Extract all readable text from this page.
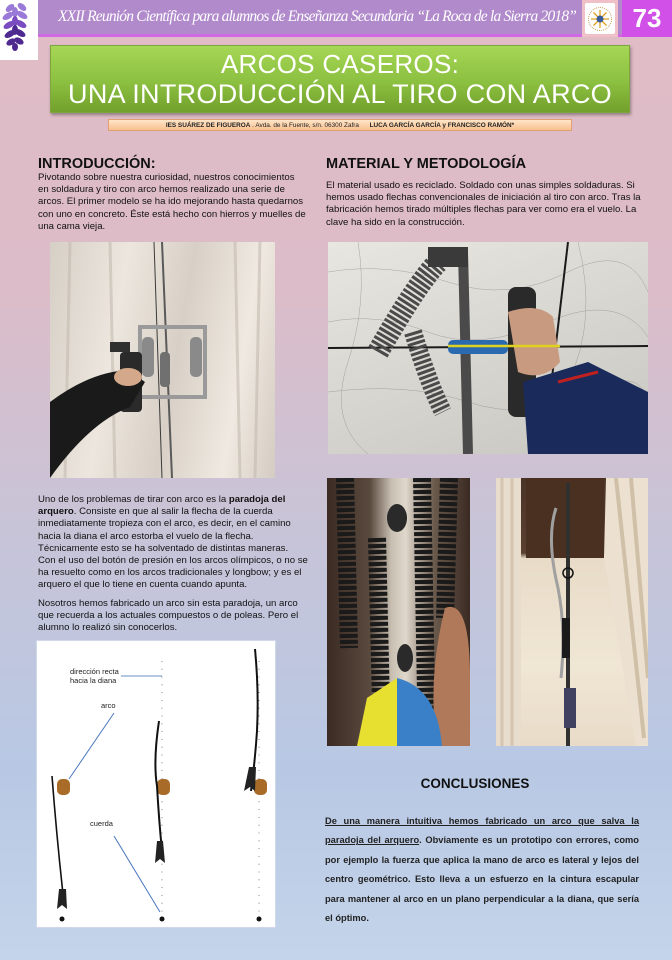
XXII Reunión Científica para alumnos de Enseñanza Secundaria “La Roca de la Sierra 2018”	73
ARCOS CASEROS:
UNA INTRODUCCIÓN AL TIRO CON ARCO
IES SUÁREZ DE FIGUEROA . Avda. de la Fuente, s/n. 06300 Zafra LUCA GARCÍA GARCÍA y FRANCISCO RAMÓN*
INTRODUCCIÓN:
Pivotando sobre nuestra curiosidad, nuestros conocimientos en soldadura y tiro con arco hemos realizado una serie de arcos. El primer modelo se ha ido mejorando hasta quedarnos con uno en concreto. Éste está hecho con hierros y muelles de una cama vieja.
MATERIAL Y METODOLOGÍA
El material usado es reciclado. Soldado con unas simples soldaduras. Si hemos usado flechas convencionales de iniciación al tiro con arco. Tras la fabricación hemos tirado múltiples flechas para ver como era el vuelo. La clave ha sido en la construcción.
Uno de los problemas de tirar con arco es la paradoja del arquero. Consiste en que al salir la flecha de la cuerda inmediatamente tropieza con el arco, es decir, en el camino hacia la diana el arco estorba el vuelo de la flecha. Técnicamente esto se ha solventado de distintas maneras. Con el uso del botón de presión en los arcos olímpicos, o no se ha resuelto como en los arcos tradicionales y longbow; y es el arquero el que lo tiene en cuenta cuando apunta.
Nosotros hemos fabricado un arco sin esta paradoja, un arco que recuerda a los actuales compuestos o de poleas. Pero el alumno lo realizó sin conocerlos.
dirección recta
hacia la diana
arco
cuerda
CONCLUSIONES
De una manera intuitiva hemos fabricado un arco que salva la paradoja del arquero. Obviamente es un prototipo con errores, como por ejemplo la fuerza que aplica la mano de arco es lateral y lejos del centro geométrico. Esto lleva a un esfuerzo en la cintura escapular para mantener al arco en un plano perpendicular a la diana, que sería el óptimo.
